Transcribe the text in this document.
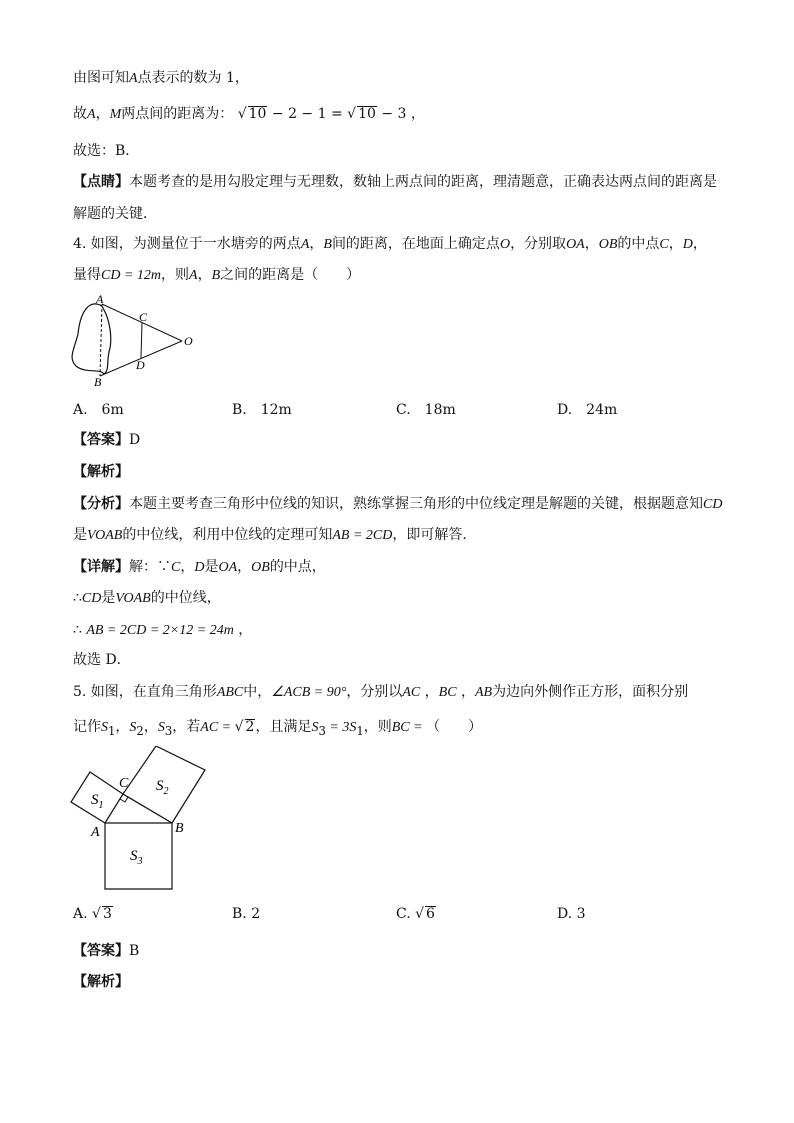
由图可知A点表示的数为 1，
故A，M两点间的距离为： √ 10 − 2 − 1 = √ 10 − 3 ，
故选：B．
【点睛】本题考查的是用勾股定理与无理数，数轴上两点间的距离，理清题意，正确表达两点间的距离是
解题的关键．
4. 如图，为测量位于一水塘旁的两点A，B间的距离，在地面上确定点O，分别取OA，OB的中点C，D，
量得CD = 12m，则A，B之间的距离是（　　）
A
B
C
D
O
A.　6m	B.　12m	C.　18m	D.　24m
【答案】D
【解析】
【分析】本题主要考查三角形中位线的知识，熟练掌握三角形的中位线定理是解题的关键，根据题意知CD
是VOAB的中位线，利用中位线的定理可知AB = 2CD，即可解答．
【详解】解：∵C，D是OA，OB的中点，
∴CD是VOAB的中位线，
∴ AB = 2CD = 2×12 = 24m ，
故选 D．
5. 如图，在直角三角形ABC中，∠ACB = 90°，分别以AC ，BC ，AB为边向外侧作正方形，面积分别
记作$S_1$，$S_2$，$S_3$，若AC = √ 2，且满足$S_3 = 3S_1$，则BC = （　　）
C
A	B
$S_1$
$S_2$
$S_3$
A. √ 3	B. 2	C. √ 6	D. 3
【答案】B
【解析】
